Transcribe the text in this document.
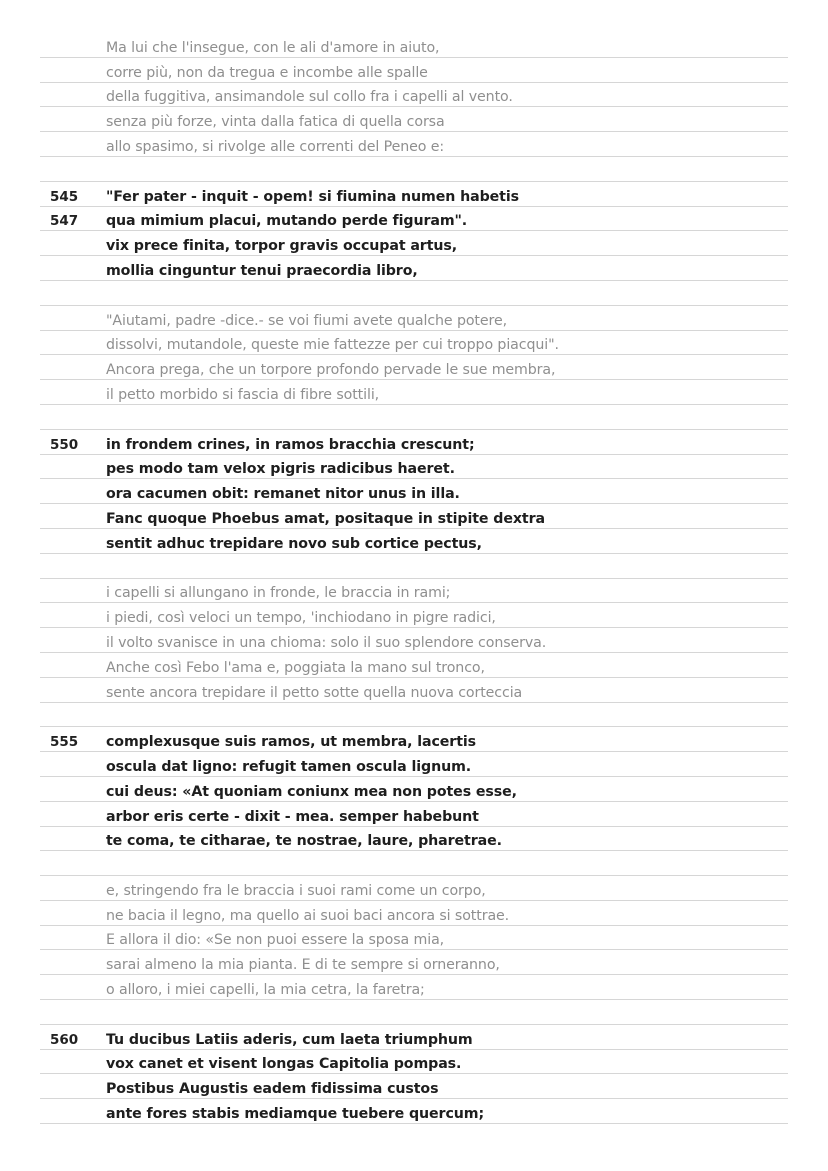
Ma lui che l'insegue, con le ali d'amore in aiuto,
corre più, non da tregua e incombe alle spalle
della fuggitiva, ansimandole sul collo fra i capelli al vento.
senza più forze, vinta dalla fatica di quella corsa
allo spasimo, si rivolge alle correnti del Peneo e:
545 "Fer pater - inquit - opem! si fiumina numen habetis
547 qua mimium placui, mutando perde figuram".
vix prece finita, torpor gravis occupat artus,
mollia cinguntur tenui praecordia libro,
"Aiutami, padre -dice.- se voi fiumi avete qualche potere,
dissolvi, mutandole, queste mie fattezze per cui troppo piacqui".
Ancora prega, che un torpore profondo pervade le sue membra,
il petto morbido si fascia di fibre sottili,
550 in frondem crines, in ramos bracchia crescunt;
pes modo tam velox pigris radicibus haeret.
ora cacumen obit: remanet nitor unus in illa.
Fanc quoque Phoebus amat, positaque in stipite dextra
sentit adhuc trepidare novo sub cortice pectus,
i capelli si allungano in fronde, le braccia in rami;
i piedi, così veloci un tempo, 'inchiodano in pigre radici,
il volto svanisce in una chioma: solo il suo splendore conserva.
Anche così Febo l'ama e, poggiata la mano sul tronco,
sente ancora trepidare il petto sotte quella nuova corteccia
555 complexusque suis ramos, ut membra, lacertis
oscula dat ligno: refugit tamen oscula lignum.
cui deus: «At quoniam coniunx mea non potes esse,
arbor eris certe - dixit - mea. semper habebunt
te coma, te citharae, te nostrae, laure, pharetrae.
e, stringendo fra le braccia i suoi rami come un corpo,
ne bacia il legno, ma quello ai suoi baci ancora si sottrae.
E allora il dio: «Se non puoi essere la sposa mia,
sarai almeno la mia pianta. E di te sempre si orneranno,
o alloro, i miei capelli, la mia cetra, la faretra;
560 Tu ducibus Latiis aderis, cum laeta triumphum
vox canet et visent longas Capitolia pompas.
Postibus Augustis eadem fidissima custos
ante fores stabis mediamque tuebere quercum;
